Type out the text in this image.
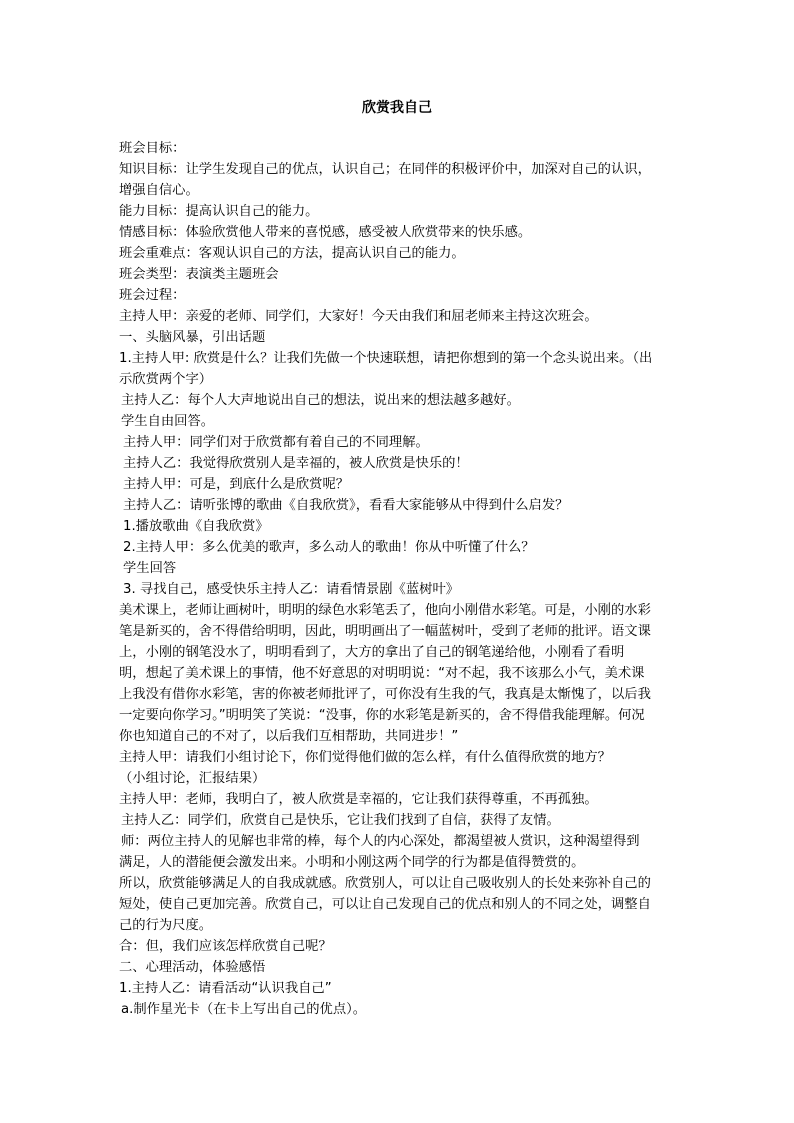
欣赏我自己
班会目标：
知识目标：让学生发现自己的优点，认识自己；在同伴的积极评价中，加深对自己的认识，
增强自信心。
能力目标：提高认识自己的能力。
情感目标：体验欣赏他人带来的喜悦感，感受被人欣赏带来的快乐感。
班会重难点：客观认识自己的方法，提高认识自己的能力。
班会类型：表演类主题班会
班会过程：
主持人甲：亲爱的老师、同学们，大家好！今天由我们和屈老师来主持这次班会。
一、头脑风暴，引出话题
1.主持人甲: 欣赏是什么？让我们先做一个快速联想，请把你想到的第一个念头说出来。（出
示欣赏两个字）
主持人乙：每个人大声地说出自己的想法，说出来的想法越多越好。
学生自由回答。
主持人甲：同学们对于欣赏都有着自己的不同理解。
主持人乙：我觉得欣赏别人是幸福的，被人欣赏是快乐的！
主持人甲：可是，到底什么是欣赏呢？
主持人乙：请听张博的歌曲《自我欣赏》，看看大家能够从中得到什么启发？
1.播放歌曲《自我欣赏》
2.主持人甲：多么优美的歌声，多么动人的歌曲！你从中听懂了什么？
学生回答
3. 寻找自己，感受快乐主持人乙：请看情景剧《蓝树叶》
美术课上，老师让画树叶，明明的绿色水彩笔丢了，他向小刚借水彩笔。可是，小刚的水彩
笔是新买的，舍不得借给明明，因此，明明画出了一幅蓝树叶，受到了老师的批评。语文课
上，小刚的钢笔没水了，明明看到了，大方的拿出了自己的钢笔递给他，小刚看了看明
明，想起了美术课上的事情，他不好意思的对明明说：“对不起，我不该那么小气，美术课
上我没有借你水彩笔，害的你被老师批评了，可你没有生我的气，我真是太惭愧了，以后我
一定要向你学习。”明明笑了笑说：“没事，你的水彩笔是新买的，舍不得借我能理解。何况
你也知道自己的不对了，以后我们互相帮助，共同进步！”
主持人甲：请我们小组讨论下，你们觉得他们做的怎么样，有什么值得欣赏的地方？
（小组讨论，汇报结果）
主持人甲：老师，我明白了，被人欣赏是幸福的，它让我们获得尊重，不再孤独。
主持人乙：同学们，欣赏自己是快乐，它让我们找到了自信，获得了友情。
师：两位主持人的见解也非常的棒，每个人的内心深处，都渴望被人赏识，这种渴望得到
满足，人的潜能便会激发出来。小明和小刚这两个同学的行为都是值得赞赏的。
所以，欣赏能够满足人的自我成就感。欣赏别人，可以让自己吸收别人的长处来弥补自己的
短处，使自己更加完善。欣赏自己，可以让自己发现自己的优点和别人的不同之处，调整自
己的行为尺度。
合：但，我们应该怎样欣赏自己呢？
二、心理活动，体验感悟
1.主持人乙：请看活动“认识我自己”
a.制作星光卡（在卡上写出自己的优点）。
